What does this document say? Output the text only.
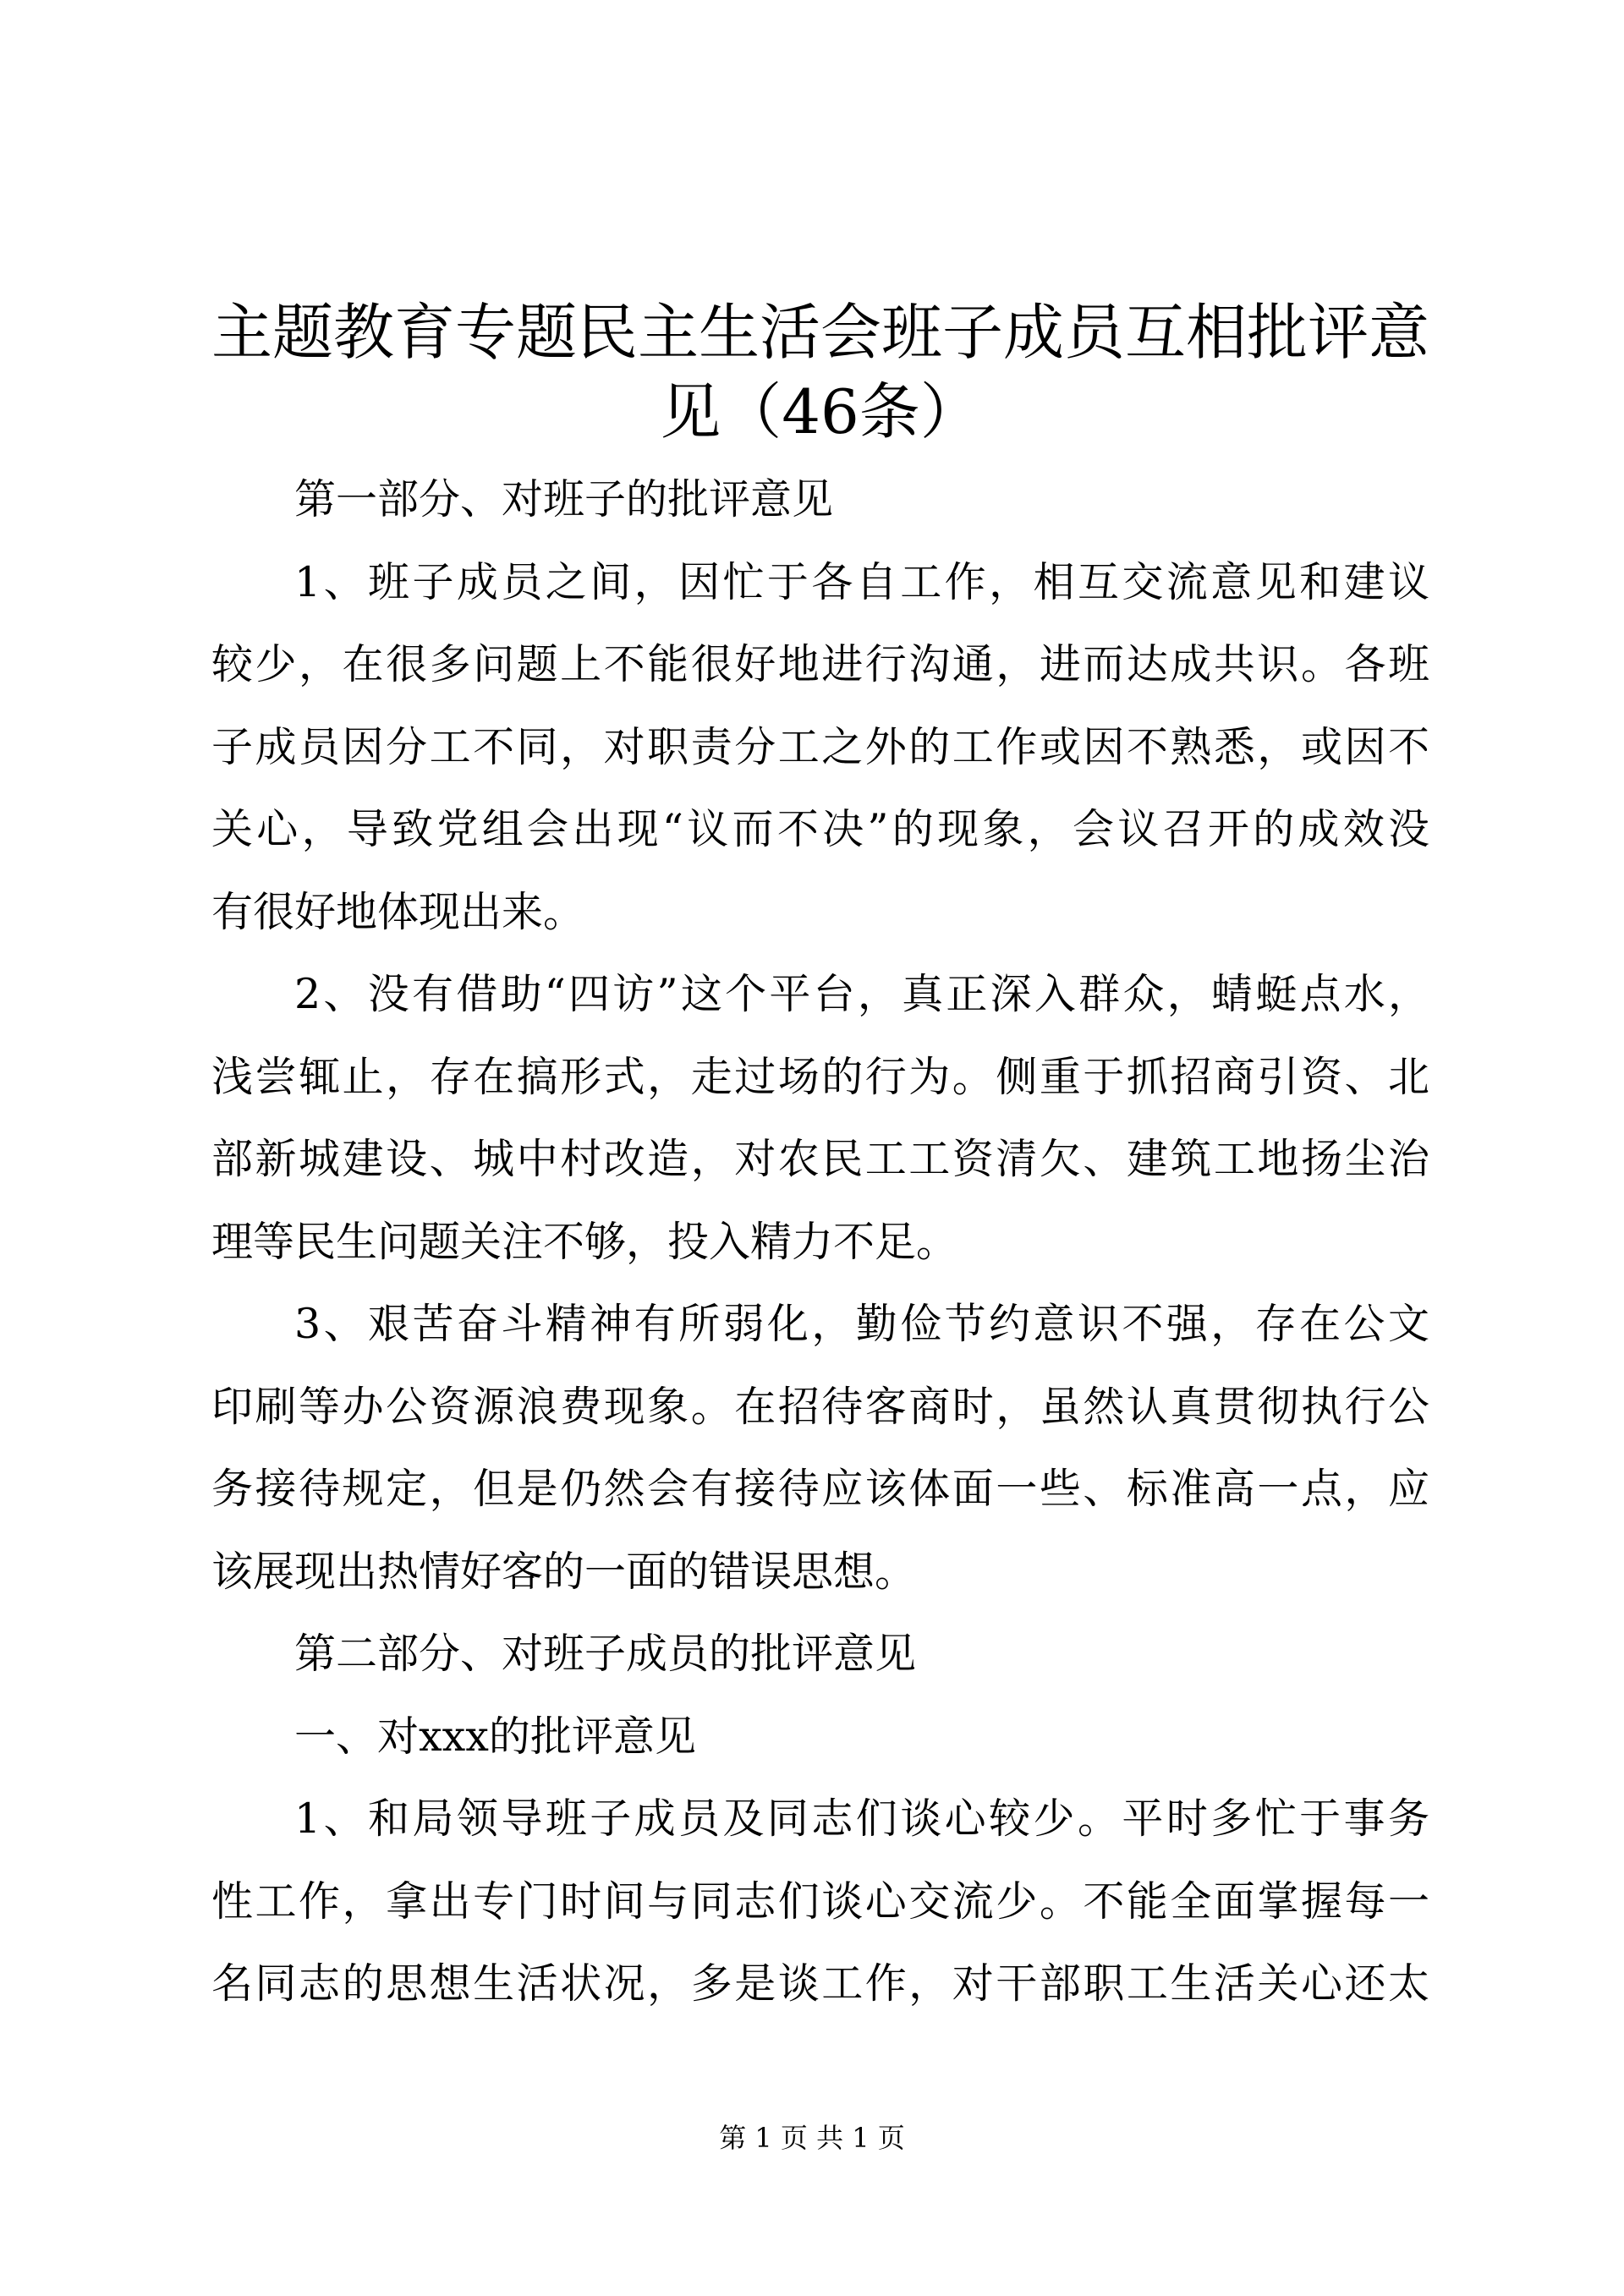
主题教育专题民主生活会班子成员互相批评意
见（46条）
第一部分、对班子的批评意见
1、班子成员之间，因忙于各自工作，相互交流意见和建议
较少，在很多问题上不能很好地进行沟通，进而达成共识。各班
子成员因分工不同，对职责分工之外的工作或因不熟悉，或因不
关心，导致党组会出现“议而不决”的现象，会议召开的成效没
有很好地体现出来。
2、没有借助“四访”这个平台，真正深入群众，蜻蜓点水，
浅尝辄止，存在搞形式，走过场的行为。侧重于抓招商引资、北
部新城建设、城中村改造，对农民工工资清欠、建筑工地扬尘治
理等民生问题关注不够，投入精力不足。
3、艰苦奋斗精神有所弱化，勤俭节约意识不强，存在公文
印刷等办公资源浪费现象。在招待客商时，虽然认真贯彻执行公
务接待规定，但是仍然会有接待应该体面一些、标准高一点，应
该展现出热情好客的一面的错误思想。
第二部分、对班子成员的批评意见
一、对xxx的批评意见
1、和局领导班子成员及同志们谈心较少。平时多忙于事务
性工作，拿出专门时间与同志们谈心交流少。不能全面掌握每一
名同志的思想生活状况，多是谈工作，对干部职工生活关心还太
第 1 页 共 1 页
